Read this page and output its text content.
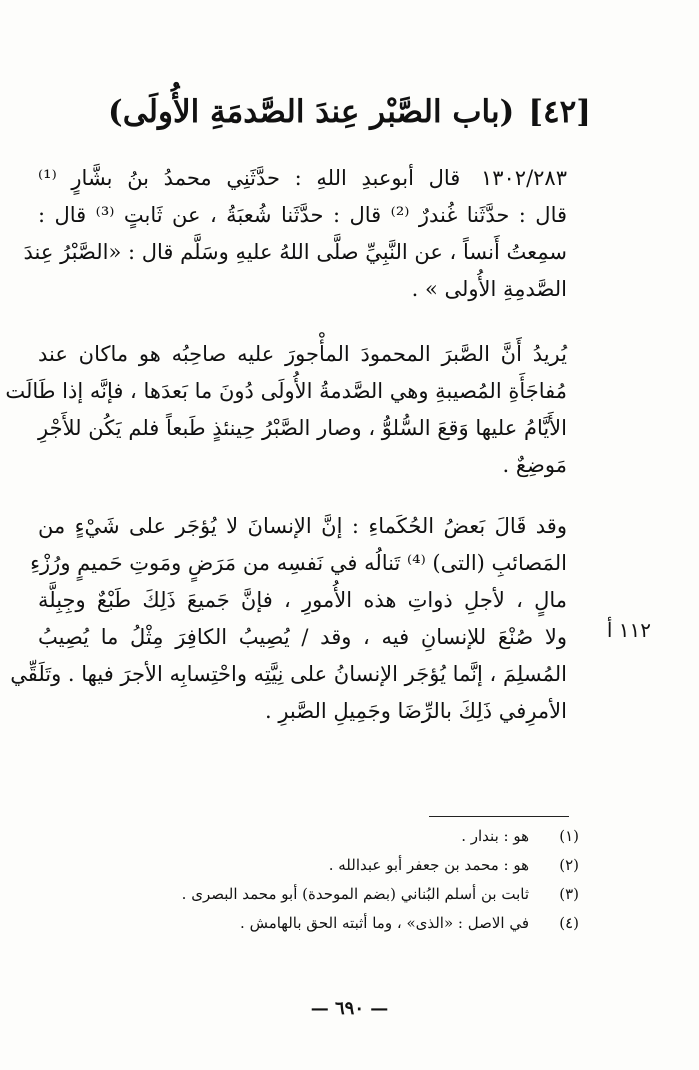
[٤٢](باب الصَّبْر عِندَ الصَّدمَةِ الأُولَى)
١٣٠٢/٢٨٣ قال أبوعبدِ اللهِ : حدَّثَنِي محمدُ بنُ بشَّارٍ ⁽¹⁾
قال : حدَّثَنا غُندرٌ ⁽²⁾ قال : حدَّثَنا شُعبَةُ ، عن ثَابتٍ ⁽³⁾ قال :
سمِعتُ أَنساً ، عن النَّبِيِّ صلَّى اللهُ عليهِ وسَلَّم قال : «الصَّبْرُ عِندَ
الصَّدمِةِ الأُولى » .
يُريدُ أَنَّ الصَّبرَ المحمودَ المأْجورَ عليه صاحِبُه هو ماكان عند
مُفاجَأَةِ المُصيبةِ وهي الصَّدمةُ الأُولَى دُونَ ما بَعدَها ، فإنَّه إذا طَالَت
الأَيَّامُ عليها وَقعَ السُّلوُّ ، وصار الصَّبْرُ حِينئذٍ طَبعاً فلم يَكُن للأَجْرِ
مَوضِعٌ .
وقد قَالَ بَعضُ الحُكَماءِ : إنَّ الإنسانَ لا يُؤجَر على شَيْءٍ من
المَصائبِ (التى) ⁽⁴⁾ تَنالُه في نَفسِه من مَرَضٍ ومَوتِ حَميمٍ ورُزْءِ
مالٍ ، لأجلِ ذواتِ هذه الأُمورِ ، فإنَّ جَميعَ ذَلِكَ طَبْعٌ وجِبِلَّة
ولا صُنْعَ للإنسانِ فيه ، وقد / يُصِيبُ الكافِرَ مِثْلُ ما يُصِيبُ
المُسلِمَ ، إنَّما يُؤجَر الإنسانُ على نِيَّتِه واحْتِسابِه الأجرَ فيها . وتَلَقِّي
الأمرِفي ذَلِكَ بالرِّضَا وجَمِيلِ الصَّبرِ .
١١٢ أ
(١)هو : بندار .
(٢)هو : محمد بن جعفر أبو عبدالله .
(٣)ثابت بن أسلم البُناني (بضم الموحدة) أبو محمد البصرى .
(٤)في الاصل : «الذى» ، وما أثبته الحق بالهامش .
— ٦٩٠ —
